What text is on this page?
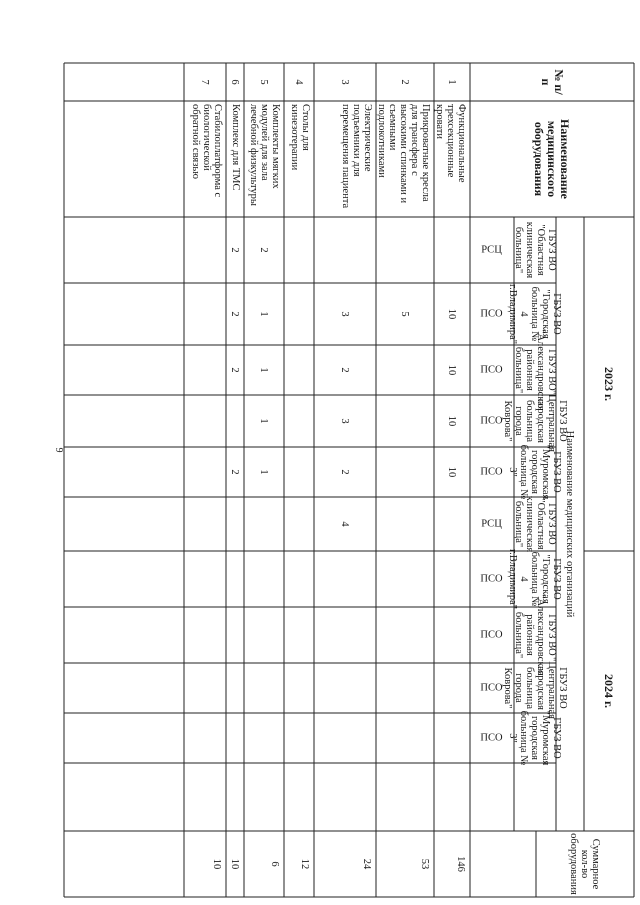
9
№ п/п
Наименование медицинского оборудования
2023 г.
2024 г.
Наименование медицинских организаций
Суммарное кол-во оборудования
ГБУЗ ВО "Областная клиническая больница"
РСЦ
ГБУЗ ВО "Городская больница № 4 г.Владимира"
ПСО
ГБУЗ ВО "Александровская районная больница"
ПСО
ГБУЗ ВО "Центральная городская больница города Коврова"
ПСО
ГБУЗ ВО "Муромская городская больница № 3"
ПСО
ГБУЗ ВО "Областная клиническая больница"
РСЦ
ГБУЗ ВО "Городская больница № 4 г.Владимира"
ПСО
ГБУЗ ВО "Александровская районная больница"
ПСО
ГБУЗ ВО "Центральная городская больница города Коврова"
ПСО
ГБУЗ ВО "Муромская городская больница № 3"
ПСО
1
Функциональные трехсекционные кровати
10
10
10
10
146
2
Прикроватные кресла для трансфера с высокими спинками и съемными подлокотниками
5
53
3
Электрические подъемники для перемещения пациента
3
2
3
2
4
24
4
Столы для кинезотерапии
12
5
Комплекты мягких модулей для зала лечебной физкультуры
2
1
1
1
1
6
6
Комплекс для ТМС
2
2
2
2
10
7
Стабилоплатформа с биологической обратной связью
10
